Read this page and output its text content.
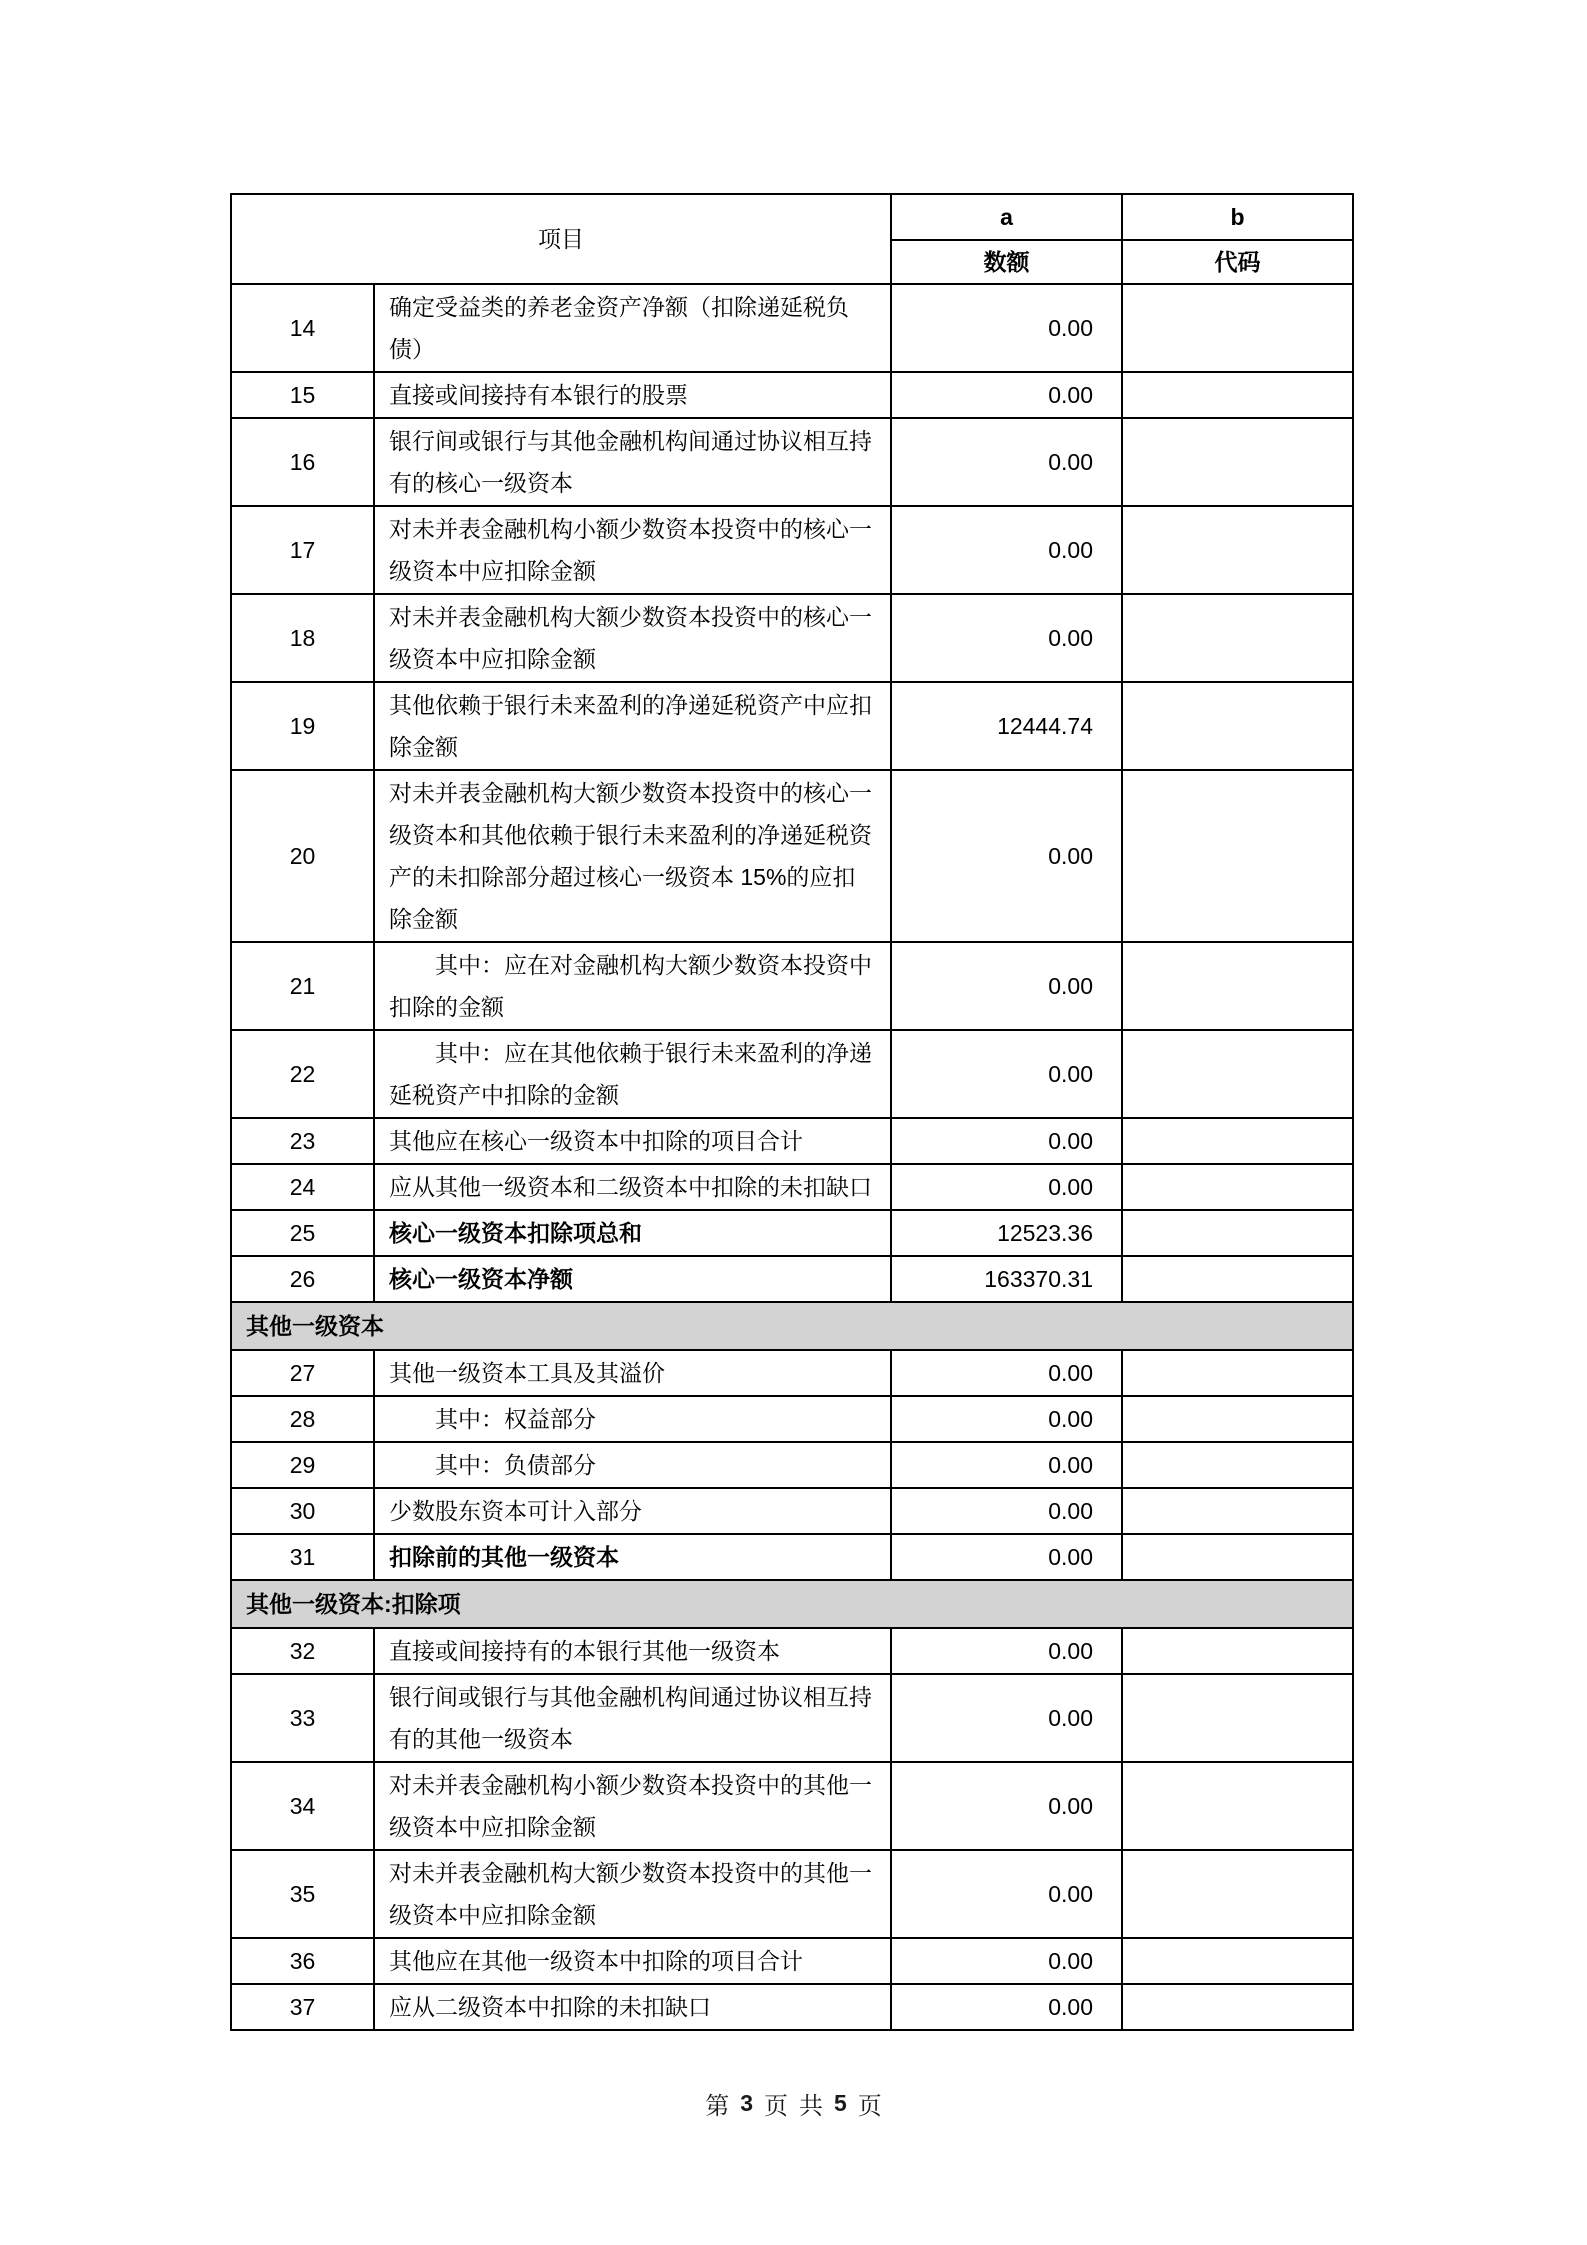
项目		a	b
		数额	代码
14	确定受益类的养老金资产净额（扣除递延税负债）	0.00	
15	直接或间接持有本银行的股票	0.00	
16	银行间或银行与其他金融机构间通过协议相互持有的核心一级资本	0.00	
17	对未并表金融机构小额少数资本投资中的核心一级资本中应扣除金额	0.00	
18	对未并表金融机构大额少数资本投资中的核心一级资本中应扣除金额	0.00	
19	其他依赖于银行未来盈利的净递延税资产中应扣除金额	12444.74	
20	对未并表金融机构大额少数资本投资中的核心一级资本和其他依赖于银行未来盈利的净递延税资产的未扣除部分超过核心一级资本 15%的应扣除金额	0.00	
21	其中：应在对金融机构大额少数资本投资中扣除的金额	0.00	
22	其中：应在其他依赖于银行未来盈利的净递延税资产中扣除的金额	0.00	
23	其他应在核心一级资本中扣除的项目合计	0.00	
24	应从其他一级资本和二级资本中扣除的未扣缺口	0.00	
25	核心一级资本扣除项总和	12523.36	
26	核心一级资本净额	163370.31	
其他一级资本			
27	其他一级资本工具及其溢价	0.00	
28	其中：权益部分	0.00	
29	其中：负债部分	0.00	
30	少数股东资本可计入部分	0.00	
31	扣除前的其他一级资本	0.00	
其他一级资本:扣除项			
32	直接或间接持有的本银行其他一级资本	0.00	
33	银行间或银行与其他金融机构间通过协议相互持有的其他一级资本	0.00	
34	对未并表金融机构小额少数资本投资中的其他一级资本中应扣除金额	0.00	
35	对未并表金融机构大额少数资本投资中的其他一级资本中应扣除金额	0.00	
36	其他应在其他一级资本中扣除的项目合计	0.00	
37	应从二级资本中扣除的未扣缺口	0.00	
第 3 页 共 5 页
